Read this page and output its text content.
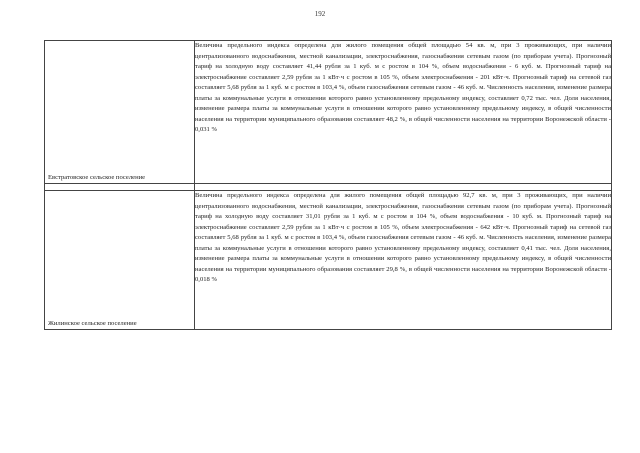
192
Евстратовское сельское поселение	Величина предельного индекса определена для жилого помещения общей площадью 54 кв. м, при 3 проживающих, при наличии централизованного водоснабжения, местной канализации, электроснабжения, газоснабжения сетевым газом (по приборам учета). Прогнозный тариф на холодную воду составляет 41,44 рубля за 1 куб. м с ростом в 104 %, объем водоснабжения - 6 куб. м. Прогнозный тариф на электроснабжение составляет 2,59 рубля за 1 кВт·ч с ростом в 105 %, объем электроснабжения - 201 кВт·ч. Прогнозный тариф на сетевой газ составляет 5,68 рубля за 1 куб. м с ростом в 103,4 %, объем газоснабжения сетевым газом - 46 куб. м. Численность населения, изменение размера платы за коммунальные услуги в отношении которого равно установленному предельному индексу, составляет 0,72 тыс. чел. Доля населения, изменение размера платы за коммунальные услуги в отношении которого равно установленному предельному индексу, в общей численности населения на территории муниципального образования составляет 48,2 %, в общей численности населения на территории Воронежской области - 0,031 %

Жилинское сельское поселение	Величина предельного индекса определена для жилого помещения общей площадью 92,7 кв. м, при 3 проживающих, при наличии централизованного водоснабжения, местной канализации, электроснабжения, газоснабжения сетевым газом (по приборам учета). Прогнозный тариф на холодную воду составляет 31,01 рубля за 1 куб. м с ростом в 104 %, объем водоснабжения - 10 куб. м. Прогнозный тариф на электроснабжение составляет 2,59 рубля за 1 кВт·ч с ростом в 105 %, объем электроснабжения - 642 кВт·ч. Прогнозный тариф на сетевой газ составляет 5,68 рубля за 1 куб. м с ростом в 103,4 %, объем газоснабжения сетевым газом - 46 куб. м. Численность населения, изменение размера платы за коммунальные услуги в отношении которого равно установленному предельному индексу, составляет 0,41 тыс. чел. Доля населения, изменение размера платы за коммунальные услуги в отношении которого равно установленному предельному индексу, в общей численности населения на территории муниципального образования составляет 29,8 %, в общей численности населения на территории Воронежской области - 0,018 %
